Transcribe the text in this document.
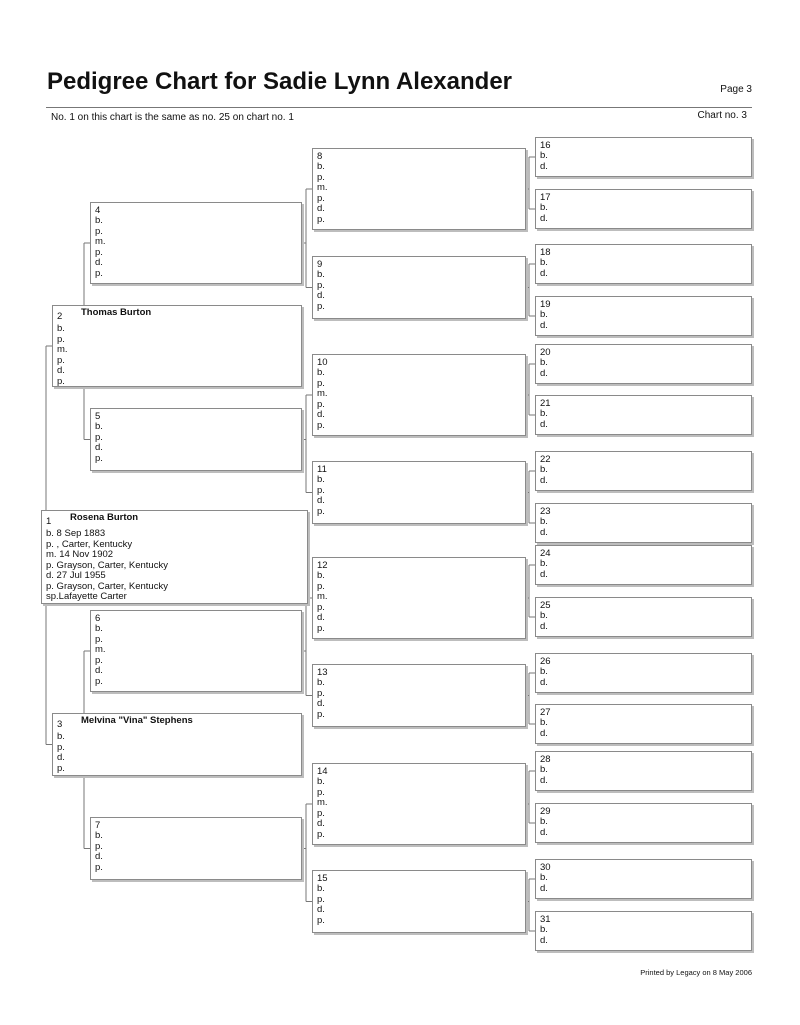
Pedigree Chart for Sadie Lynn Alexander	Page 3
No. 1 on this chart is the same as no. 25 on chart no. 1	Chart no. 3
1 Rosena Burton
b. 8 Sep 1883
p. , Carter, Kentucky
m. 14 Nov 1902
p. Grayson, Carter, Kentucky
d. 27 Jul 1955
p. Grayson, Carter, Kentucky
sp.Lafayette Carter
2 Thomas Burton
b.
p.
m.
p.
d.
p.
3 Melvina "Vina" Stephens
b.
p.
d.
p.
4
b.
p.
m.
p.
d.
p.
5
b.
p.
d.
p.
6
b.
p.
m.
p.
d.
p.
7
b.
p.
d.
p.
8
b.
p.
m.
p.
d.
p.
9
b.
p.
d.
p.
10
b.
p.
m.
p.
d.
p.
11
b.
p.
d.
p.
12
b.
p.
m.
p.
d.
p.
13
b.
p.
d.
p.
14
b.
p.
m.
p.
d.
p.
15
b.
p.
d.
p.
16
b.
d.
17
b.
d.
18
b.
d.
19
b.
d.
20
b.
d.
21
b.
d.
22
b.
d.
23
b.
d.
24
b.
d.
25
b.
d.
26
b.
d.
27
b.
d.
28
b.
d.
29
b.
d.
30
b.
d.
31
b.
d.
Printed by Legacy on 8 May 2006
